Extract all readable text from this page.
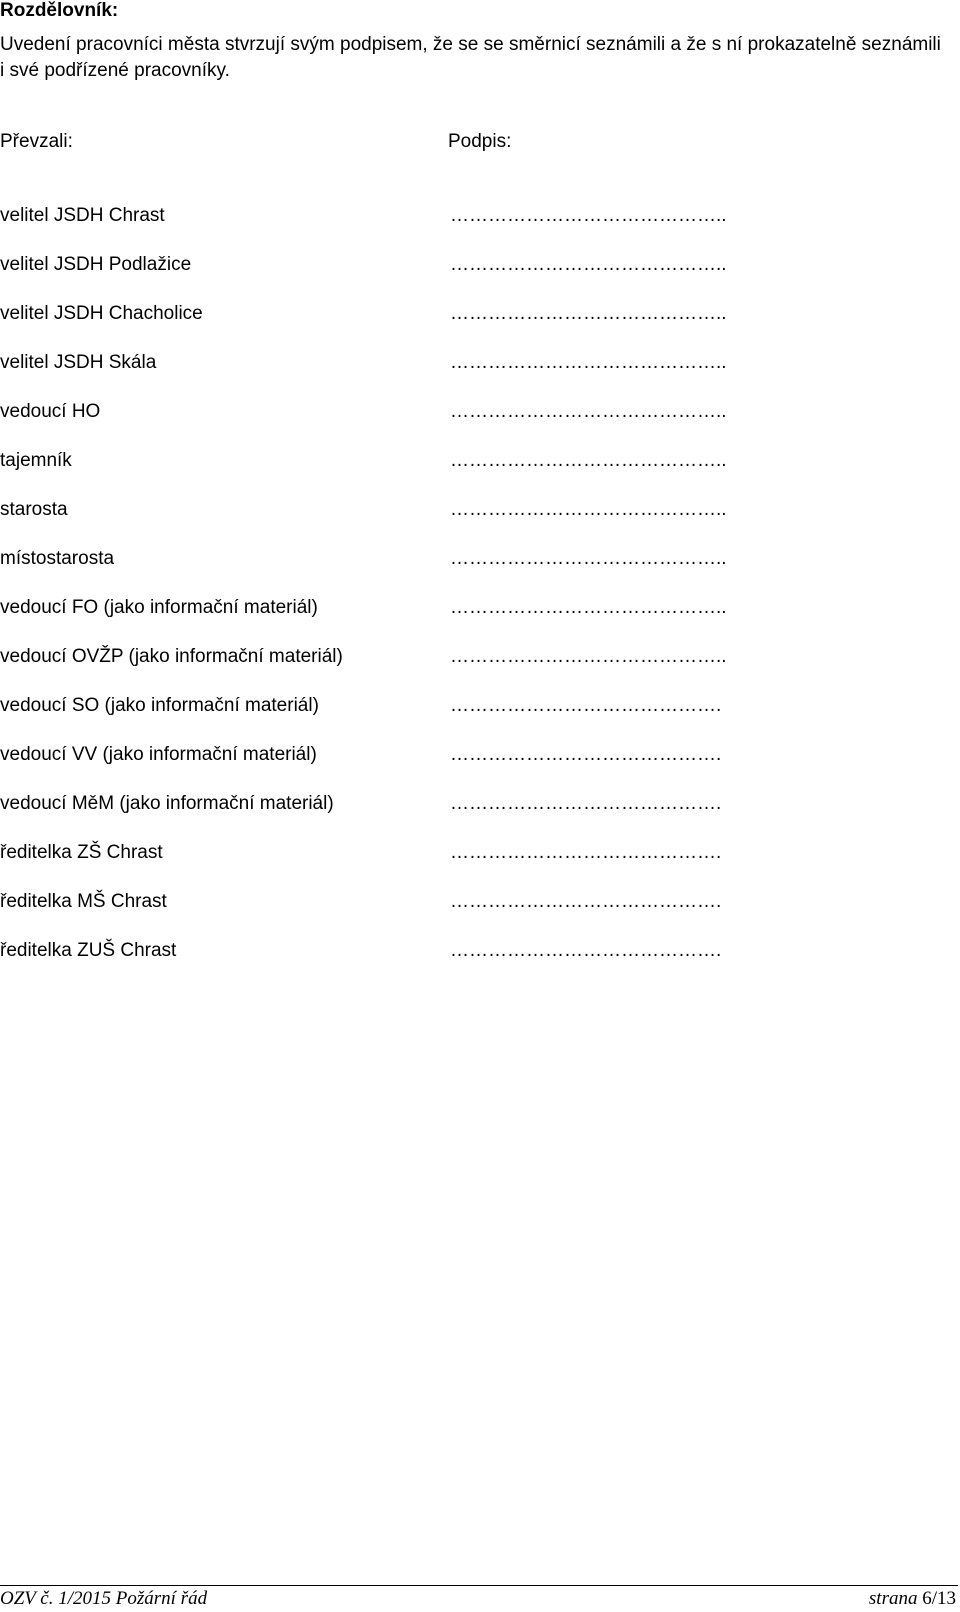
Rozdělovník:

Uvedení pracovníci města stvrzují svým podpisem, že se se směrnicí seznámili a že s ní prokazatelně seznámili i své podřízené pracovníky.

Převzali:	Podpis:

velitel JSDH Chrast	……………………………………..
velitel JSDH Podlažice	……………………………………..
velitel JSDH Chacholice	……………………………………..
velitel JSDH Skála	……………………………………..
vedoucí HO	……………………………………..
tajemník	……………………………………..
starosta	……………………………………..
místostarosta	……………………………………..
vedoucí FO (jako informační materiál)	……………………………………..
vedoucí OVŽP (jako informační materiál)	……………………………………..
vedoucí SO (jako informační materiál)	…………………………………….
vedoucí VV (jako informační materiál)	…………………………………….
vedoucí MěM (jako informační materiál)	…………………………………….
ředitelka ZŠ Chrast	…………………………………….
ředitelka MŠ Chrast	…………………………………….
ředitelka ZUŠ Chrast	…………………………………….
OZV č. 1/2015 Požární řád	strana 6/13
